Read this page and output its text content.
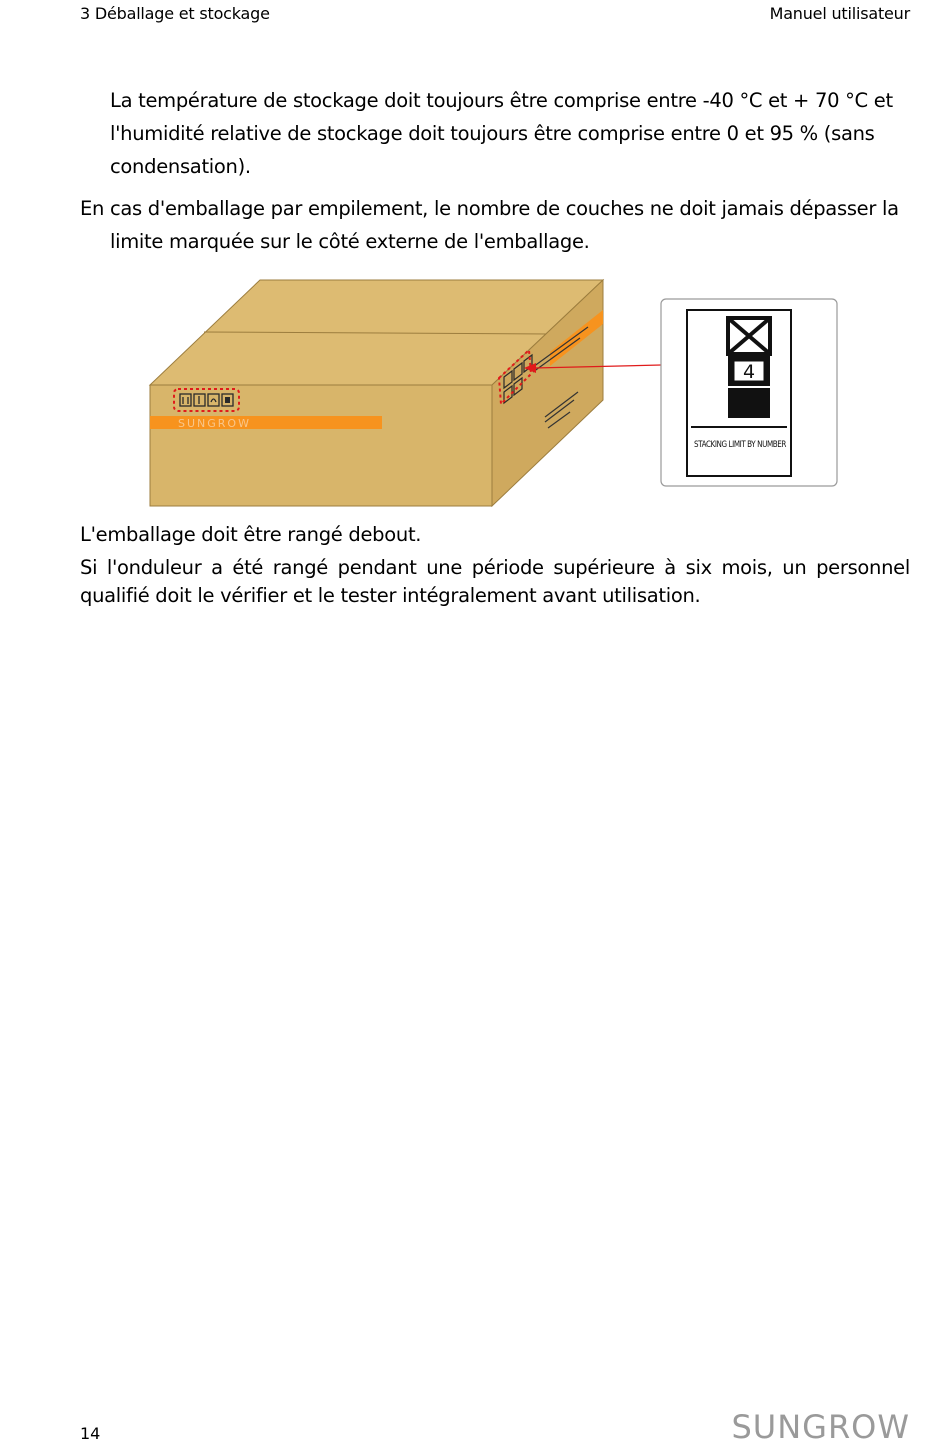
3 Déballage et stockage	Manuel utilisateur
La température de stockage doit toujours être comprise entre -40 °C et + 70 °C et l'humidité relative de stockage doit toujours être comprise entre 0 et 95 % (sans condensation).
En cas d'emballage par empilement, le nombre de couches ne doit jamais dépasser la limite marquée sur le côté externe de l'emballage.
SUNGROW
4
STACKING LIMIT BY NUMBER
L'emballage doit être rangé debout.
Si l'onduleur a été rangé pendant une période supérieure à six mois, un personnel qualifié doit le vérifier et le tester intégralement avant utilisation.
14	SUNGROW
